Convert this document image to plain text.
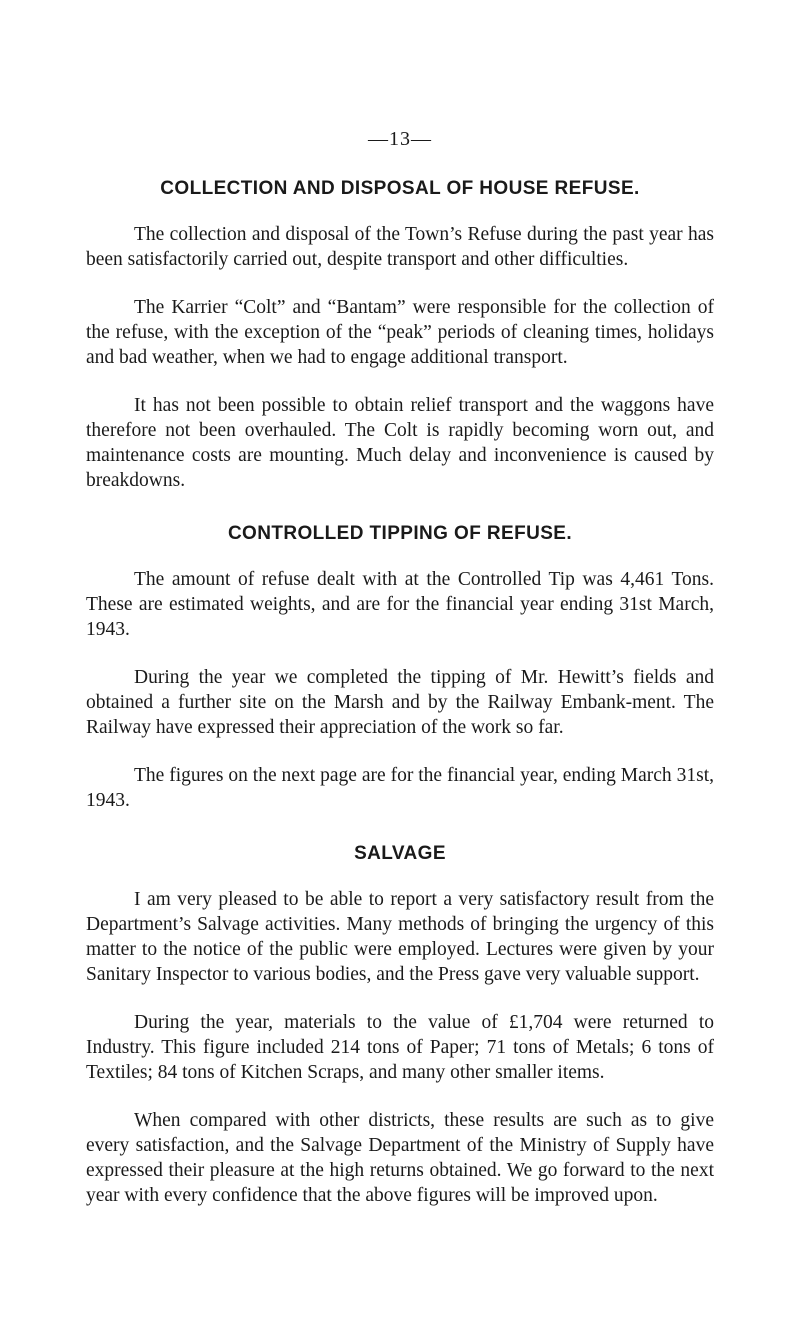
—13—
COLLECTION AND DISPOSAL OF HOUSE REFUSE.

The collection and disposal of the Town’s Refuse during the past year has been satisfactorily carried out, despite transport and other difficulties.

The Karrier “Colt” and “Bantam” were responsible for the collection of the refuse, with the exception of the “peak” periods of cleaning times, holidays and bad weather, when we had to engage additional transport.

It has not been possible to obtain relief transport and the waggons have therefore not been overhauled. The Colt is rapidly becoming worn out, and maintenance costs are mounting. Much delay and inconvenience is caused by breakdowns.

CONTROLLED TIPPING OF REFUSE.

The amount of refuse dealt with at the Controlled Tip was 4,461 Tons. These are estimated weights, and are for the financial year ending 31st March, 1943.

During the year we completed the tipping of Mr. Hewitt’s fields and obtained a further site on the Marsh and by the Railway Embank-ment. The Railway have expressed their appreciation of the work so far.

The figures on the next page are for the financial year, ending March 31st, 1943.

SALVAGE

I am very pleased to be able to report a very satisfactory result from the Department’s Salvage activities. Many methods of bringing the urgency of this matter to the notice of the public were employed. Lectures were given by your Sanitary Inspector to various bodies, and the Press gave very valuable support.

During the year, materials to the value of £1,704 were returned to Industry. This figure included 214 tons of Paper; 71 tons of Metals; 6 tons of Textiles; 84 tons of Kitchen Scraps, and many other smaller items.

When compared with other districts, these results are such as to give every satisfaction, and the Salvage Department of the Ministry of Supply have expressed their pleasure at the high returns obtained. We go forward to the next year with every confidence that the above figures will be improved upon.
